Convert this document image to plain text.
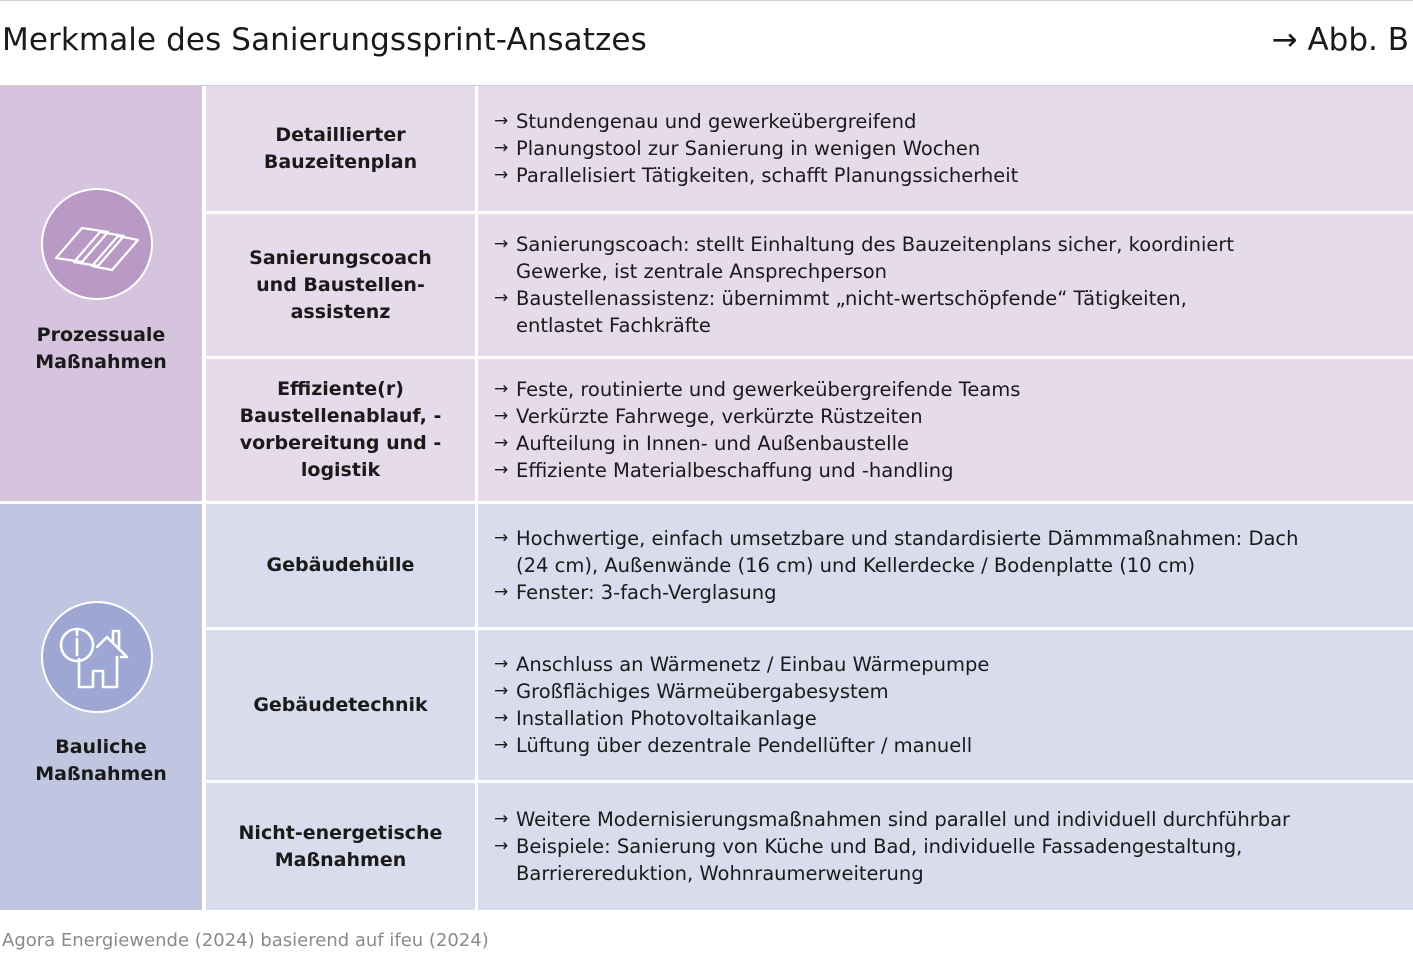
Merkmale des Sanierungssprint-Ansatzes	→ Abb. B
Prozessuale
Maßnahmen
Detaillierter Bauzeitenplan
→ Stundengenau und gewerkeübergreifend
→ Planungstool zur Sanierung in wenigen Wochen
→ Parallelisiert Tätigkeiten, schafft Planungssicherheit
Sanierungscoach und Baustellen-assistenz
→ Sanierungscoach: stellt Einhaltung des Bauzeitenplans sicher, koordiniert Gewerke, ist zentrale Ansprechperson
→ Baustellenassistenz: übernimmt „nicht-wertschöpfende“ Tätigkeiten, entlastet Fachkräfte
Effiziente(r) Baustellenablauf, -vorbereitung und -logistik
→ Feste, routinierte und gewerkeübergreifende Teams
→ Verkürzte Fahrwege, verkürzte Rüstzeiten
→ Aufteilung in Innen- und Außenbaustelle
→ Effiziente Materialbeschaffung und -handling
Bauliche
Maßnahmen
Gebäudehülle
→ Hochwertige, einfach umsetzbare und standardisierte Dämmmaßnahmen: Dach (24 cm), Außenwände (16 cm) und Kellerdecke / Bodenplatte (10 cm)
→ Fenster: 3-fach-Verglasung
Gebäudetechnik
→ Anschluss an Wärmenetz / Einbau Wärmepumpe
→ Großflächiges Wärmeübergabesystem
→ Installation Photovoltaikanlage
→ Lüftung über dezentrale Pendellüfter / manuell
Nicht-energetische Maßnahmen
→ Weitere Modernisierungsmaßnahmen sind parallel und individuell durchführbar
→ Beispiele: Sanierung von Küche und Bad, individuelle Fassadengestaltung, Barrierereduktion, Wohnraumerweiterung
Agora Energiewende (2024) basierend auf ifeu (2024)
